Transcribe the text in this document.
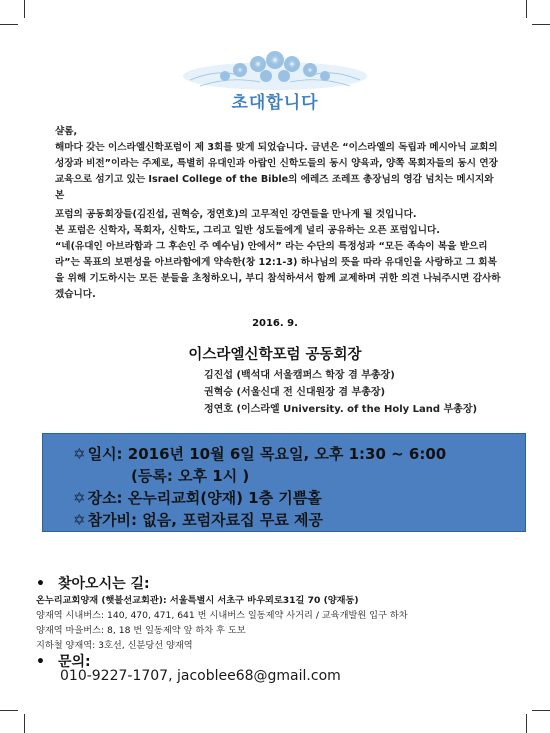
초대합니다

샬롬,

해마다 갖는 이스라엘신학포럼이 제 3회를 맞게 되었습니다. 금년은 “이스라엘의 독립과 메시아닉 교회의 성장과 비전”이라는 주제로, 특별히 유대인과 아랍인 신학도들의 동시 양육과, 양쪽 목회자들의 동시 연장교육으로 섬기고 있는 Israel College of the Bible의 에레즈 조레프 총장님의 영감 넘치는 메시지와 본

포럼의 공동회장들(김진섭, 권혁승, 정연호)의 고무적인 강연들을 만나게 될 것입니다.

본 포럼은 신학자, 목회자, 신학도, 그리고 일반 성도들에게 널리 공유하는 오픈 포럼입니다.

“네(유대인 아브라함과 그 후손인 주 예수님) 안에서” 라는 수단의 특정성과 “모든 족속이 복을 받으리라”는 목표의 보편성을 아브라함에게 약속한(창 12:1-3) 하나님의 뜻을 따라 유대인을 사랑하고 그 회복을 위해 기도하시는 모든 분들을 초청하오니, 부디 참석하셔서 함께 교제하며 귀한 의견 나눠주시면 감사하겠습니다.

2016. 9.
이스라엘신학포럼 공동회장
김진섭 (백석대 서울캠퍼스 학장 겸 부총장)
권혁승 (서울신대 전 신대원장 겸 부총장)
정연호 (이스라엘 University. of the Holy Land 부총장)
✡ 일시: 2016년 10월 6일 목요일, 오후 1:30 ~ 6:00
(등록: 오후 1시 )
✡ 장소: 온누리교회(양재) 1층 기쁨홀
✡ 참가비: 없음, 포럼자료집 무료 제공
• 찾아오시는 길:
온누리교회양재 (햇불선교회관): 서울특별시 서초구 바우뫼로31길 70 (양재동)
양재역 시내버스: 140, 470, 471, 641 번 시내버스 일동제약 사거리 / 교육개발원 입구 하차
양재역 마을버스: 8, 18 번 일동제약 앞 하차 후 도보
지하철 양재역: 3호선, 신분당선 양재역
• 문의:
010-9227-1707, jacoblee68@gmail.com
